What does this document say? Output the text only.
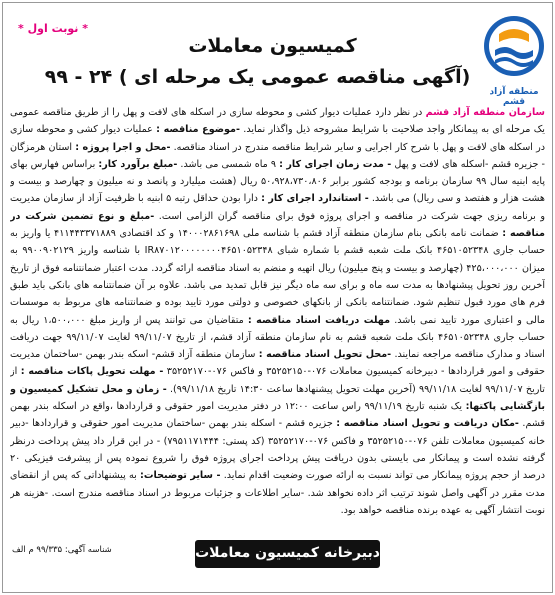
* نوبت اول *
منطقه آزاد قشم
کمیسیون معاملات
(آگهی مناقصه عمومی یک مرحله ای ) ۲۴ - ۹۹
سازمان منطقه آزاد قشم در نظر دارد عملیات دیوار کشی و محوطه سازی در اسکله های لافت و پهل را از طریق مناقصه عمومی یک مرحله ای به پیمانکار واجد صلاحیت با شرایط مشروحه ذیل واگذار نماید. -موضوع مناقصه : عملیات دیوار کشی و محوطه سازی در اسکله های لافت و پهل با شرح کار اجرایی و سایر شرایط مناقصه مندرج در اسناد مناقصه. -محل و اجرا پروژه : استان هرمزگان - جزیره قشم -اسکله های لافت و پهل - مدت زمان اجرای کار : ۹ ماه شمسی می باشد. -مبلغ برآورد کار: براساس فهارس بهای پایه ابنیه سال ۹۹ سازمان برنامه و بودجه کشور برابر ۵۰،۹۲۸،۷۳۰،۸۰۶ ریال (هشت میلیارد و پانصد و نه میلیون و چهارصد و بیست و هشت هزار و هفتصد و سی ریال) می باشد. - استاندارد اجرای کار : دارا بودن حداقل رتبه ۵ ابنیه با ظرفیت آزاد از سازمان مدیریت و برنامه ریزی جهت شرکت در مناقصه و اجرای پروژه فوق برای مناقصه گران الزامی است. -مبلغ و نوع تضمین شرکت در مناقصه : ضمانت نامه بانکی بنام سازمان منطقه آزاد قشم با شناسه ملی ۱۴۰۰۰۲۸۶۱۶۹۸ و کد اقتصادی ۴۱۱۴۴۳۳۷۱۸۸۹ یا واریز به حساب جاری ۴۶۵۱۰۵۲۳۴۸ بانک ملت شعبه قشم با شماره شبای IR۸۷۰۱۲۰۰۰۰۰۰۰۰۴۶۵۱۰۵۲۳۴۸ با شناسه واریز ۹۹۰۰۹۰۲۱۲۹ به میزان ۴۲۵،۰۰۰،۰۰۰ (چهارصد و بیست و پنج میلیون) ریال اتهیه و منضم به اسناد مناقصه ارائه گردد. مدت اعتبار ضمانتنامه فوق از تاریخ آخرین روز تحویل پیشنهادها به مدت سه ماه و برای سه ماه دیگر نیز قابل تمدید می باشد. علاوه بر آن ضمانتنامه های بانکی باید طبق فرم های مورد قبول تنظیم شود. ضمانتنامه بانکی از بانکهای خصوصی و دولتی مورد تایید بوده و ضمانتنامه های مربوط به موسسات مالی و اعتباری مورد تایید نمی باشد. مهلت دریافت اسناد مناقصه : متقاضیان می توانند پس از واریز مبلغ ۱،۵۰۰،۰۰۰ ریال به حساب جاری ۴۶۵۱۰۵۲۳۴۸ بانک ملت شعبه قشم به نام سازمان منطقه آزاد قشم، از تاریخ ۹۹/۱۱/۰۷ لغایت ۹۹/۱۱/۰۷ جهت دریافت اسناد و مدارک مناقصه مراجعه نمایند. -محل تحویل اسناد مناقصه : سازمان منطقه آزاد قشم- اسکه بندر بهمن -ساختمان مدیریت حقوقی و امور قراردادها - دبیرخانه کمیسیون معاملات ۰۷۶-۳۵۲۵۲۱۵۰ و فاکس ۰۷۶-۳۵۲۵۲۱۷۰ - مهلت تحویل پاکات مناقصه : از تاریخ ۹۹/۱۱/۰۷ لغایت ۹۹/۱۱/۱۸ (آخرین مهلت تحویل پیشنهادها ساعت ۱۴:۳۰ تاریخ ۹۹/۱۱/۱۸). - زمان و محل تشکیل کمیسیون و بازگشایی پاکتها: یک شنبه تاریخ ۹۹/۱۱/۱۹ راس ساعت ۱۲:۰۰ در دفتر مدیریت امور حقوقی و قراردادها ،واقع در اسکله بندر بهمن قشم. -مکان دریافت و تحویل اسناد مناقصه : جزیره قشم - اسکله بندر بهمن -ساختمان مدیریت امور حقوقی و قراردادها -دبیر خانه کمیسیون معاملات تلفن ۰۷۶-۳۵۲۵۲۱۵۰ و فاکس ۰۷۶-۳۵۲۵۲۱۷۰ (کد پستی: ۷۹۵۱۱۷۱۴۴۴) - در این قرار داد پیش پرداخت درنظر گرفته نشده است و پیمانکار می بایستی بدون دریافت پیش پرداخت اجرای پروژه فوق را شروع نموده پس از پیشرفت فیزیکی ۲۰ درصد از حجم پروژه پیمانکار می تواند نسبت به ارائه صورت وضعیت اقدام نماید. - سایر توضیحات: به پیشنهاداتی که پس از انقضای مدت مقرر در آگهی واصل شوند ترتیب اثر داده نخواهد شد. -سایر اطلاعات و جزئیات مربوط در اسناد مناقصه مندرج است. -هزینه هر نوبت انتشار آگهی به عهده برنده مناقصه خواهد بود.
شناسه آگهی: ۹۹/۳۳۵ م الف	دبیرخانه کمیسیون معاملات
